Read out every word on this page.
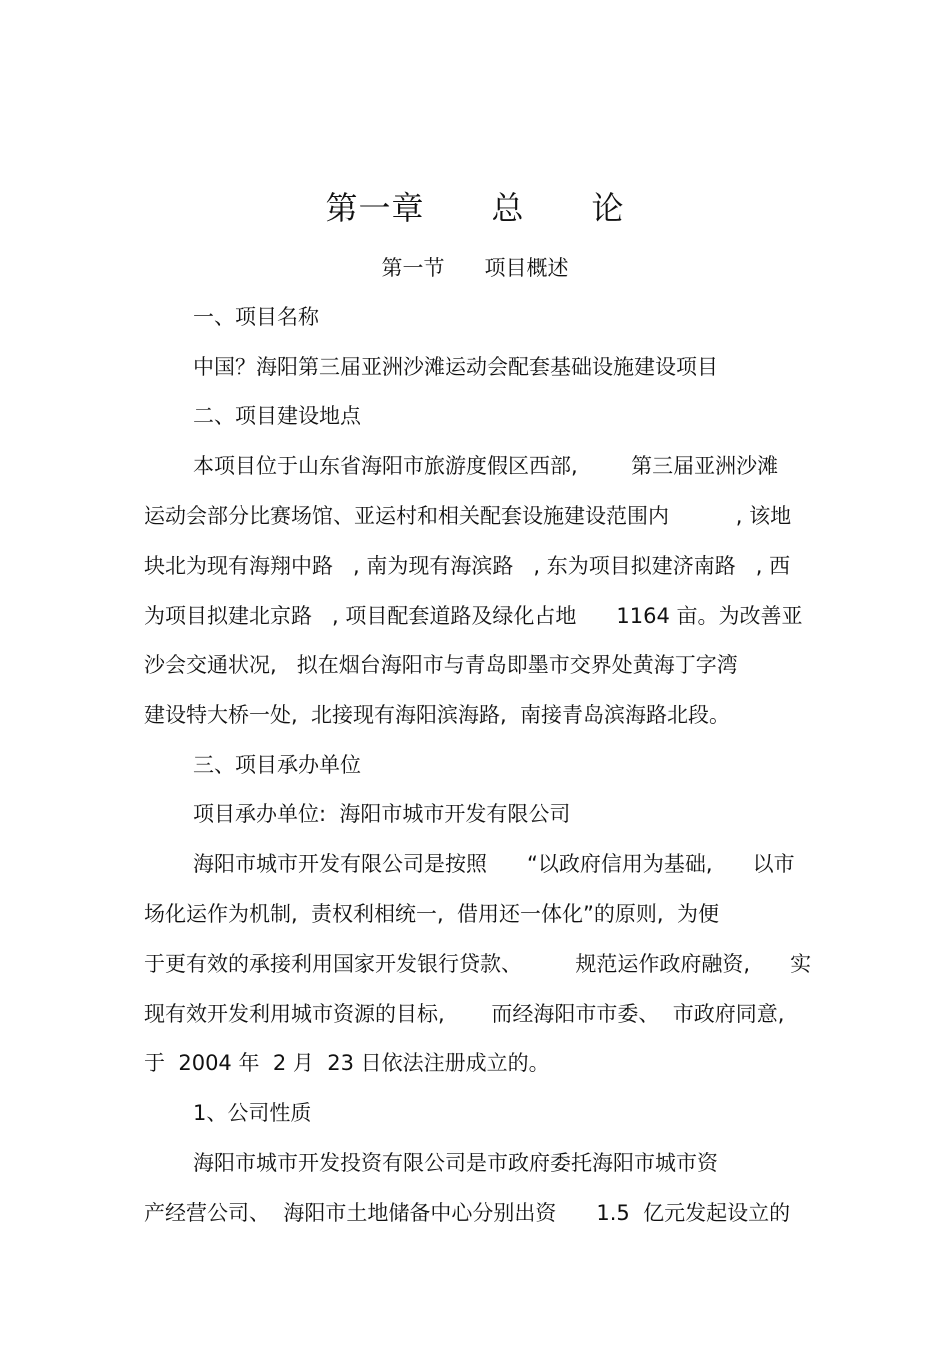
第一章      总      论
第一节      项目概述
一、项目名称
中国？海阳第三届亚洲沙滩运动会配套基础设施建设项目
二、项目建设地点
本项目位于山东省海阳市旅游度假区西部,        第三届亚洲沙滩
运动会部分比赛场馆、亚运村和相关配套设施建设范围内          , 该地
块北为现有海翔中路   , 南为现有海滨路   , 东为项目拟建济南路   , 西
为项目拟建北京路   , 项目配套道路及绿化占地      1164 亩。为改善亚
沙会交通状况,   拟在烟台海阳市与青岛即墨市交界处黄海丁字湾
建设特大桥一处,  北接现有海阳滨海路,  南接青岛滨海路北段。
三、项目承办单位
项目承办单位:  海阳市城市开发有限公司
海阳市城市开发有限公司是按照      “以政府信用为基础,      以市
场化运作为机制,  责权利相统一,  借用还一体化”的原则,  为便
于更有效的承接利用国家开发银行贷款、        规范运作政府融资,      实
现有效开发利用城市资源的目标,       而经海阳市市委、  市政府同意,
于  2004 年  2 月  23 日依法注册成立的。
1、公司性质
海阳市城市开发投资有限公司是市政府委托海阳市城市资
产经营公司、  海阳市土地储备中心分别出资      1.5  亿元发起设立的
